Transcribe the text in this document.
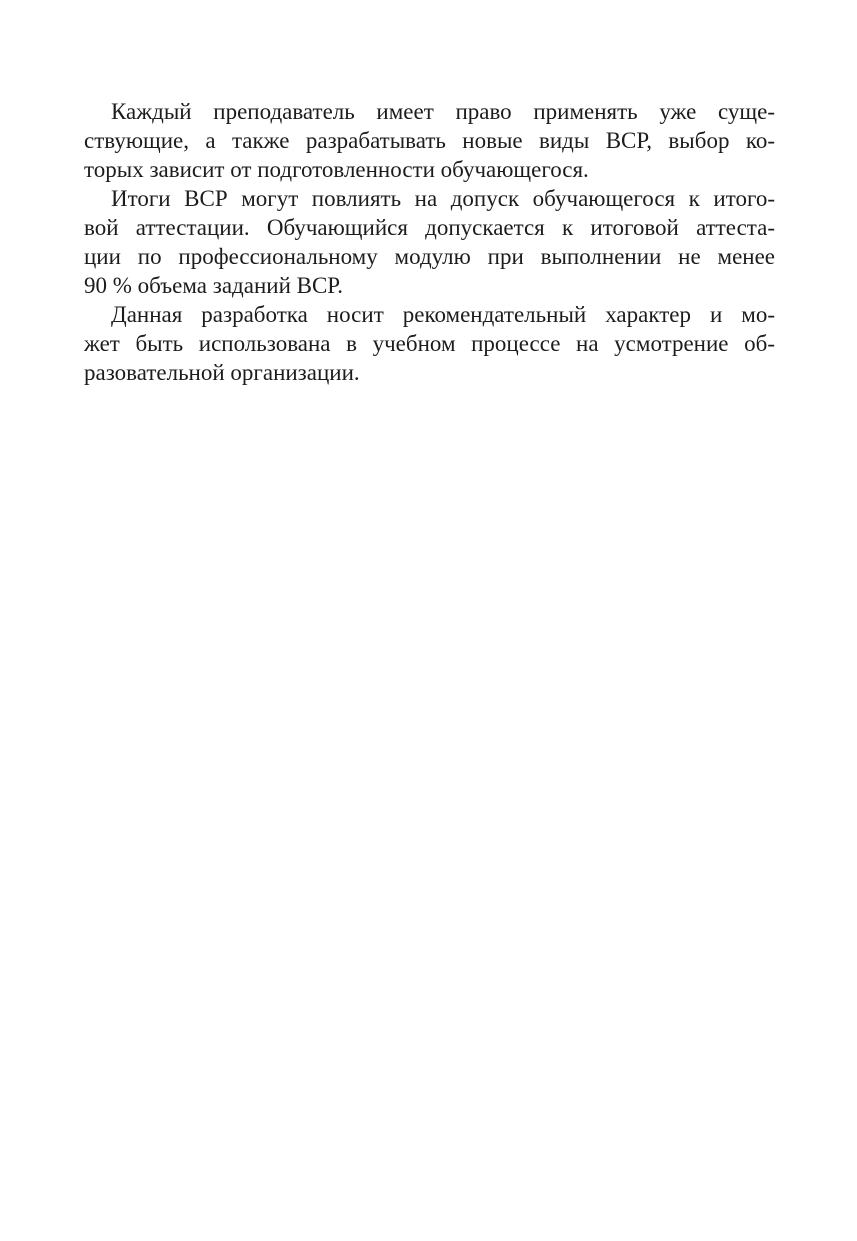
Каждый преподаватель имеет право применять уже суще-
ствующие, а также разрабатывать новые виды ВСР, выбор ко-
торых зависит от подготовленности обучающегося.
Итоги ВСР могут повлиять на допуск обучающегося к итого-
вой аттестации. Обучающийся допускается к итоговой аттеста-
ции по профессиональному модулю при выполнении не менее
90 % объема заданий ВСР.
Данная разработка носит рекомендательный характер и мо-
жет быть использована в учебном процессе на усмотрение об-
разовательной организации.
